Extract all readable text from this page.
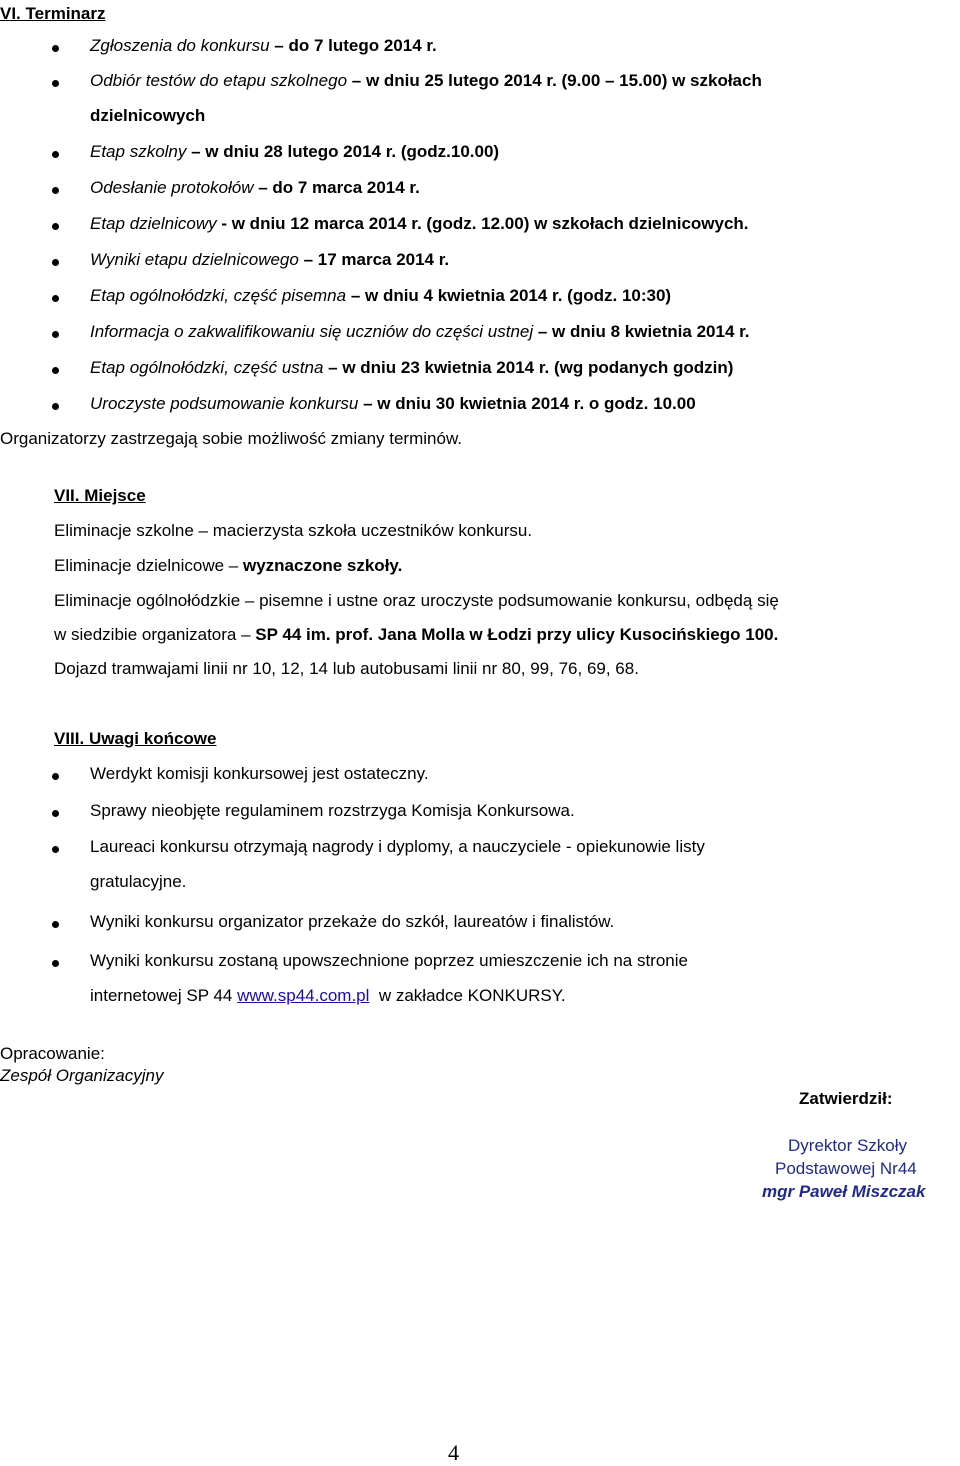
VI. Terminarz
Zgłoszenia do konkursu – do 7 lutego 2014 r.
Odbiór testów do etapu szkolnego – w dniu 25 lutego 2014 r. (9.00 – 15.00) w szkołach
dzielnicowych
Etap szkolny – w dniu 28 lutego 2014 r. (godz.10.00)
Odesłanie protokołów – do 7 marca 2014 r.
Etap dzielnicowy - w dniu 12 marca 2014 r. (godz. 12.00) w szkołach dzielnicowych.
Wyniki etapu dzielnicowego – 17 marca 2014 r.
Etap ogólnołódzki, część pisemna – w dniu 4 kwietnia 2014 r. (godz. 10:30)
Informacja o zakwalifikowaniu się uczniów do części ustnej – w dniu 8 kwietnia 2014 r.
Etap ogólnołódzki, część ustna – w dniu 23 kwietnia 2014 r. (wg podanych godzin)
Uroczyste podsumowanie konkursu – w dniu 30 kwietnia 2014 r. o godz. 10.00
Organizatorzy zastrzegają sobie możliwość zmiany terminów.
VII. Miejsce
Eliminacje szkolne – macierzysta szkoła uczestników konkursu.
Eliminacje dzielnicowe – wyznaczone szkoły.
Eliminacje ogólnołódzkie – pisemne i ustne oraz uroczyste podsumowanie konkursu, odbędą się
w siedzibie organizatora – SP 44 im. prof. Jana Molla w Łodzi przy ulicy Kusocińskiego 100.
Dojazd tramwajami linii nr 10, 12, 14 lub autobusami linii nr 80, 99, 76, 69, 68.
VIII. Uwagi końcowe
Werdykt komisji konkursowej jest ostateczny.
Sprawy nieobjęte regulaminem rozstrzyga Komisja Konkursowa.
Laureaci konkursu otrzymają nagrody i dyplomy, a nauczyciele - opiekunowie listy
gratulacyjne.
Wyniki konkursu organizator przekaże do szkół, laureatów i finalistów.
Wyniki konkursu zostaną upowszechnione poprzez umieszczenie ich na stronie
internetowej SP 44 www.sp44.com.pl  w zakładce KONKURSY.
Opracowanie:
Zespół Organizacyjny
Zatwierdził:
Dyrektor Szkoły
Podstawowej Nr44
mgr Paweł Miszczak
4
